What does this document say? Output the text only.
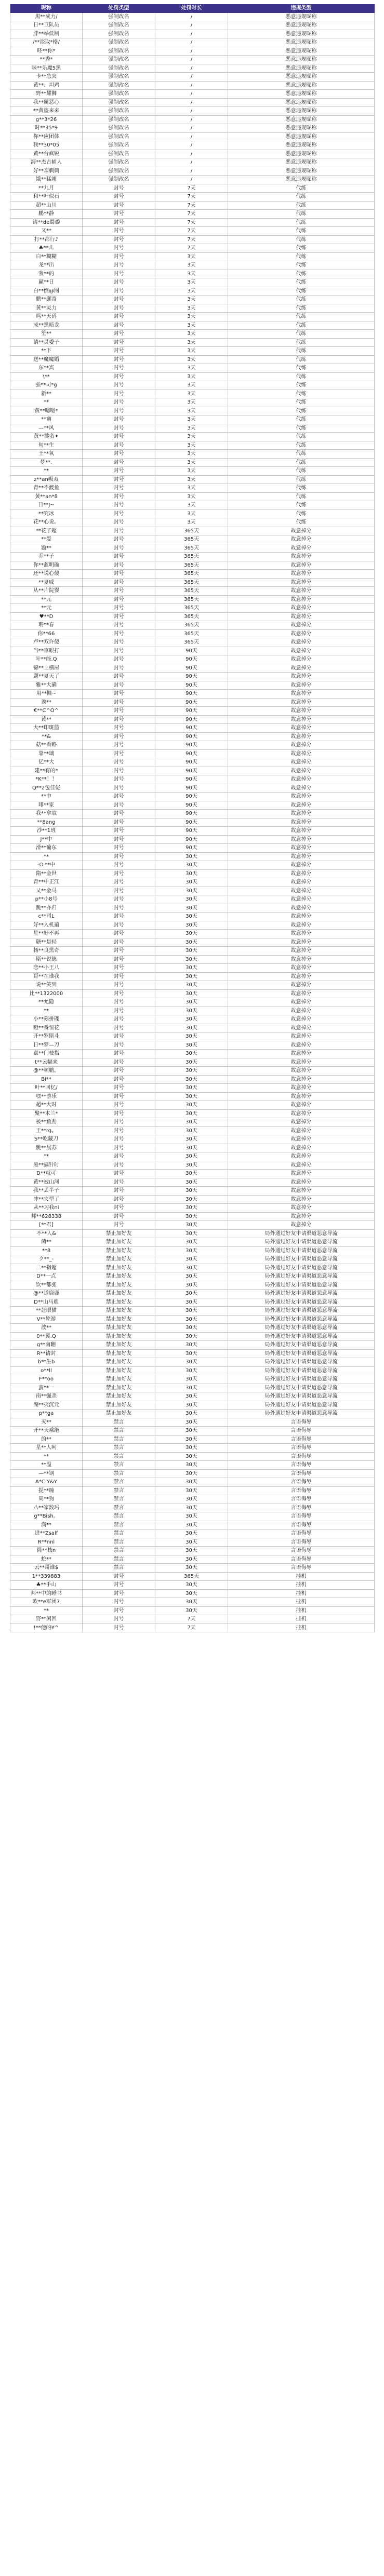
昵称	处罚类型	处罚时长	违规类型
黑**成力/	强制改名	/	恶意违规昵称
日**卫队员	强制改名	/	恶意违规昵称
胖**举低制	强制改名	/	恶意违规昵称
/**淡取*格/	强制改名	/	恶意违规昵称
呸**你*	强制改名	/	恶意违规昵称
**秀*	强制改名	/	恶意违规昵称
咪**乐魔5黑	强制改名	/	恶意违规昵称
卡**急突	强制改名	/	恶意违规昵称
黄**、坦鸡	强制改名	/	恶意违规昵称
野**耀狮	强制改名	/	恶意违规昵称
我**属恶心	强制改名	/	恶意违规昵称
**黄盗来来	强制改名	/	恶意违规昵称
g**3*26	强制改名	/	恶意违规昵称
时**35*9	强制改名	/	恶意违规昵称
你**应团体	强制改名	/	恶意违规昵称
我**30*05	强制改名	/	恶意违规昵称
黄**台疯锐	强制改名	/	恶意违规昵称
海**杰古辅人	强制改名	/	恶意违规昵称
好**亲刺刺	强制改名	/	恶意违规昵称
饿**猛刚	强制改名	/	恶意违规昵称
**九月	封号	7天	代练
和**叶似石	封号	7天	代练
超**山川	封号	7天	代练
鹏**静	封号	7天	代练
请**de蜀黍	封号	7天	代练
又**	封号	7天	代练
打**都行♪	封号	7天	代练
♣**儿	封号	7天	代练
白**糊糊	封号	3天	代练
龙**出	封号	3天	代练
我**的	封号	3天	代练
赢**日	封号	3天	代练
白**倒@图	封号	3天	代练
鹏**郵寄	封号	3天	代练
黄**灵力	封号	3天	代练
吗**天码	封号	3天	代练
成**黑暗龙	封号	3天	代练
笙**	封号	3天	代练
请**灵委子	封号	3天	代练
**下	封号	3天	代练
送**魔魔婚	封号	3天	代练
东**宾	封号	3天	代练
\**	封号	3天	代练
强**司*g	封号	3天	代练
新**	封号	3天	代练
**	封号	3天	代练
黄**嗯嗯*	封号	3天	代练
**幽	封号	3天	代练
—**风	封号	3天	代练
黄**挑蛮✦	封号	3天	代练
甸**生	封号	3天	代练
王**氧	封号	3天	代练
梦**.	封号	3天	代练
**	封号	3天	代练
z**an吸双	封号	3天	代练
青**不渡鱼	封号	3天	代练
黄**an*8	封号	3天	代练
日**J~	封号	3天	代练
**究冰	封号	3天	代练
花**心说。	封号	3天	代练
**花子超	封号	365天	故意掉分
**爱	封号	365天	故意掉分
题**	封号	365天	故意掉分
乔**子	封号	365天	故意掉分
你**蓝明确	封号	365天	故意掉分
还**说心傻	封号	365天	故意掉分
**夏威	封号	365天	故意掉分
从**片院婴	封号	365天	故意掉分
**元	封号	365天	故意掉分
**元	封号	365天	故意掉分
♥**D	封号	365天	故意掉分
聘**春	封号	365天	故意掉分
你**66	封号	365天	故意掉分
卢**双许傻	封号	365天	故意掉分
当**京眼打	封号	90天	故意掉分
叶**能.Q	封号	90天	故意掉分
锦**上横屋	封号	90天	故意掉分
题**夏天了	封号	90天	故意掉分
雅**大确	封号	90天	故意掉分
用**慵~	封号	90天	故意掉分
诶**	封号	90天	故意掉分
€**C^O^	封号	90天	故意掉分
黄**	封号	90天	故意掉分
大**印斑篮	封号	90天	故意掉分
**&	封号	90天	故意掉分
菇**看路	封号	90天	故意掉分
靠**璃	封号	90天	故意掉分
亿**大	封号	90天	故意掉分
建**有的*	封号	90天	故意掉分
*K**！！	封号	90天	故意掉分
Q**2包佳佬	封号	90天	故意掉分
**中	封号	90天	故意掉分
啡**家	封号	90天	故意掉分
我**拿取	封号	90天	故意掉分
**8ang	封号	90天	故意掉分
沙**1班	封号	90天	故意掉分
J**中	封号	90天	故意掉分
滑**葡东	封号	90天	故意掉分
**	封号	30天	故意掉分
-O.**中	封号	30天	故意掉分
隋**金世	封号	30天	故意掉分
青**中正江	封号	30天	故意掉分
乂**金马	封号	30天	故意掉分
p**小8号	封号	30天	故意掉分
跳**亦归	封号	30天	故意掉分
c**司L	封号	30天	故意掉分
好**入机遍	封号	30天	故意掉分
星**好不再	封号	30天	故意掉分
糖**是轻	封号	30天	故意掉分
杨**良黑奇	封号	30天	故意掉分
斯**说德	封号	30天	故意掉分
恋**小王八	封号	30天	故意掉分
哥**在谁我	封号	30天	故意掉分
说**笑到	封号	30天	故意掉分
比**1322000	封号	30天	故意掉分
**允隐	封号	30天	故意掉分
**	封号	30天	故意掉分
小**刻拼碟	封号	30天	故意掉分
瞪**番恒花	封号	30天	故意掉分
开**罗斯斗	封号	30天	故意掉分
日**梦—刀	封号	30天	故意掉分
嘉**门枝指	封号	30天	故意掉分
t**云幅来	封号	30天	故意掉分
@**顿鹏。	封号	30天	故意掉分
Bi**	封号	30天	故意掉分
叶**回忆/	封号	30天	故意掉分
嘿**游乐	封号	30天	故意掉分
超**大时	封号	30天	故意掉分
聚**木兰*	封号	30天	故意掉分
被**鱼劲	封号	30天	故意掉分
王**rg。	封号	30天	故意掉分
S**吃藏刀	封号	30天	故意掉分
跳**晨苏	封号	30天	故意掉分
**	封号	30天	故意掉分
黑**搞针时	封号	30天	故意掉分
D**就可	封号	30天	故意掉分
黄**被山河	封号	30天	故意掉分
我**丢半子	封号	30天	故意掉分
冲**夹型了	封号	30天	故意掉分
从**习我ni	封号	30天	故意掉分
邦**628338	封号	30天	故意掉分
[**君]	封号	30天	故意掉分
不**人&	禁止加好友	30天	局外通过好友申请渠道恶意导流
菌**	禁止加好友	30天	局外通过好友申请渠道恶意导流
**8	禁止加好友	30天	局外通过好友申请渠道恶意导流
ク**_-	禁止加好友	30天	局外通过好友申请渠道恶意导流
二**指超	禁止加好友	30天	局外通过好友申请渠道恶意导流
D**一点	禁止加好友	30天	局外通过好友申请渠道恶意导流
饮**都张	禁止加好友	30天	局外通过好友申请渠道恶意导流
@**道鹿鹿	禁止加好友	30天	局外通过好友申请渠道恶意导流
D**山马鹿	禁止加好友	30天	局外通过好友申请渠道恶意导流
**赶眼猫	禁止加好友	30天	局外通过好友申请渠道恶意导流
V**轮游	禁止加好友	30天	局外通过好友申请渠道恶意导流
波**	禁止加好友	30天	局外通过好友申请渠道恶意导流
0**翼.Q	禁止加好友	30天	局外通过好友申请渠道恶意导流
g**南翻	禁止加好友	30天	局外通过好友申请渠道恶意导流
R**请封	禁止加好友	30天	局外通过好友申请渠道恶意导流
b**生b	禁止加好友	30天	局外通过好友申请渠道恶意导流
o**ll	禁止加好友	30天	局外通过好友申请渠道恶意导流
F**oo	禁止加好友	30天	局外通过好友申请渠道恶意导流
蛮**一	禁止加好友	30天	局外通过好友申请渠道恶意导流
南**强杀	禁止加好友	30天	局外通过好友申请渠道恶意导流
湖**灭沉元	禁止加好友	30天	局外通过好友申请渠道恶意导流
p**ga	禁止加好友	30天	局外通过好友申请渠道恶意导流
灭**	禁言	30天	言语侮辱
开**天乘绝	禁言	30天	言语侮辱
的**	禁言	30天	言语侮辱
星**人呵	禁言	30天	言语侮辱
**	禁言	30天	言语侮辱
**温	禁言	30天	言语侮辱
—**钢	禁言	30天	言语侮辱
A*C.Y&Y	禁言	30天	言语侮辱
提**瞳	禁言	30天	言语侮辱
周**狗	禁言	30天	言语侮辱
八**家数玛	禁言	30天	言语侮辱
g**Bish。	禁言	30天	言语侮辱
满**	禁言	30天	言语侮辱
进**Zsalf	禁言	30天	言语侮辱
R**nnl	禁言	30天	言语侮辱
简**枝n	禁言	30天	言语侮辱
蛇**	禁言	30天	言语侮辱
云**哥谁$	禁言	30天	言语侮辱
1**339883	封号	365天	挂机
♣**手山	封号	30天	挂机
邦**中的睡书	封号	30天	挂机
欧**e军团7	封号	30天	挂机
**	封号	30天	挂机
野**闲回	封号	7天	挂机
!**他的¥^	封号	7天	挂机
